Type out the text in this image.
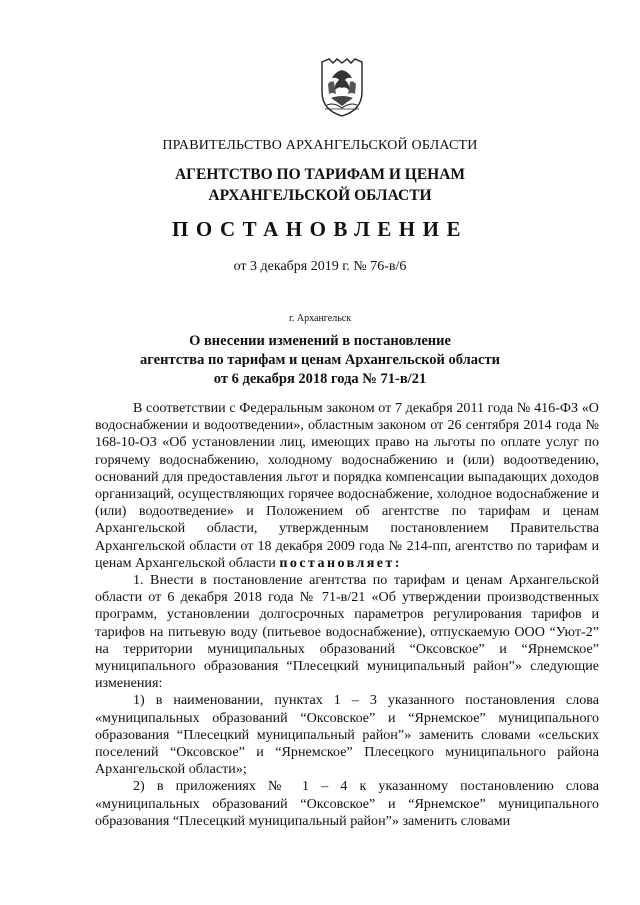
ПРАВИТЕЛЬСТВО АРХАНГЕЛЬСКОЙ ОБЛАСТИ
АГЕНТСТВО ПО ТАРИФАМ И ЦЕНАМ
АРХАНГЕЛЬСКОЙ ОБЛАСТИ
ПОСТАНОВЛЕНИЕ
от 3 декабря 2019 г. № 76-в/6
г. Архангельск
О внесении изменений в постановление
агентства по тарифам и ценам Архангельской области
от 6 декабря 2018 года № 71-в/21

В соответствии с Федеральным законом от 7 декабря 2011 года № 416-ФЗ «О водоснабжении и водоотведении», областным законом от 26 сентября 2014 года № 168-10-ОЗ «Об установлении лиц, имеющих право на льготы по оплате услуг по горячему водоснабжению, холодному водоснабжению и (или) водоотведению, оснований для предоставления льгот и порядка компенсации выпадающих доходов организаций, осуществляющих горячее водоснабжение, холодное водоснабжение и (или) водоотведение» и Положением об агентстве по тарифам и ценам Архангельской области, утвержденным постановлением Правительства Архангельской области от 18 декабря 2009 года № 214-пп, агентство по тарифам и ценам Архангельской области постановляет:

1. Внести в постановление агентства по тарифам и ценам Архангельской области от 6 декабря 2018 года № 71-в/21 «Об утверждении производственных программ, установлении долгосрочных параметров регулирования тарифов и тарифов на питьевую воду (питьевое водоснабжение), отпускаемую ООО “Уют-2” на территории муниципальных образований “Оксовское” и “Ярнемское” муниципального образования “Плесецкий муниципальный район”» следующие изменения:

1) в наименовании, пунктах 1 – 3 указанного постановления слова «муниципальных образований “Оксовское” и “Ярнемское” муниципального образования “Плесецкий муниципальный район”» заменить словами «сельских поселений “Оксовское” и “Ярнемское” Плесецкого муниципального района Архангельской области»;

2) в приложениях № 1 – 4 к указанному постановлению слова «муниципальных образований “Оксовское” и “Ярнемское” муниципального образования “Плесецкий муниципальный район”» заменить словами
